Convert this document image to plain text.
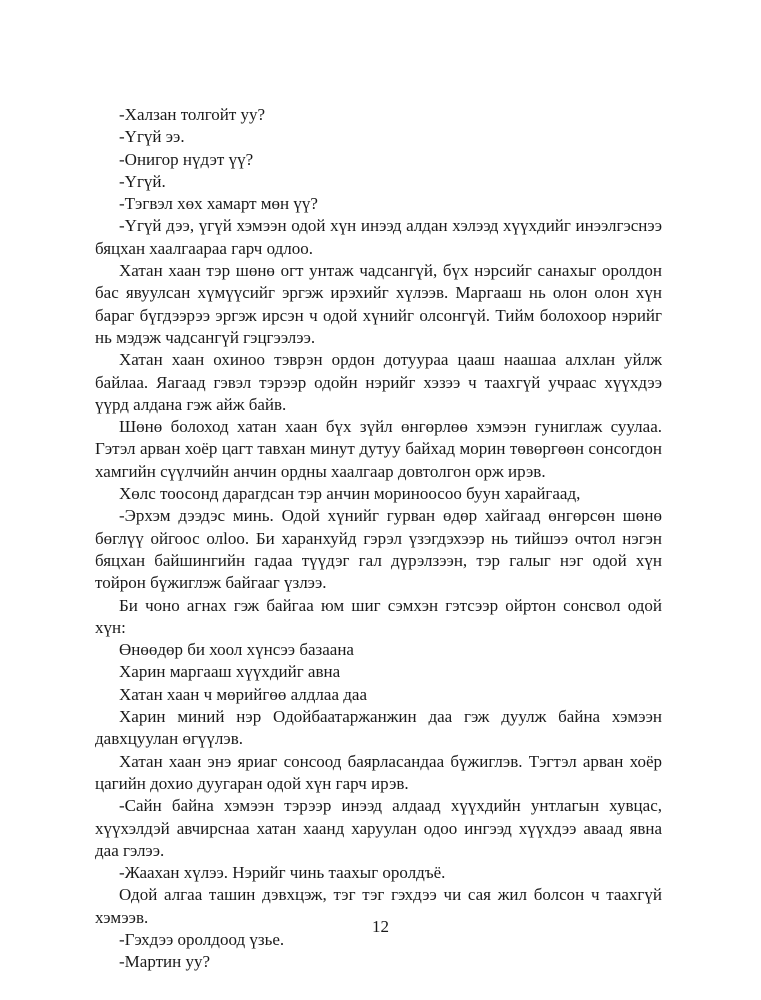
-Халзан толгойт уу?

-Үгүй ээ.

-Онигор нүдэт үү?

-Үгүй.

-Тэгвэл хөх хамарт мөн үү?

-Үгүй дээ, үгүй хэмээн одой хүн инээд алдан хэлээд хүүхдийг инээлгэснээ бяцхан хаалгаараа гарч одлоо.

Хатан хаан тэр шөнө огт унтаж чадсангүй, бүх нэрсийг санахыг оролдон бас явуулсан хүмүүсийг эргэж ирэхийг хүлээв. Маргааш нь олон олон хүн бараг бүгдээрээ эргэж ирсэн ч одой хүнийг олсонгүй. Тийм болохоор нэрийг нь мэдэж чадсангүй гэцгээлээ.

Хатан хаан охиноо тэврэн ордон дотуураа цааш наашаа алхлан уйлж байлаа. Яагаад гэвэл тэрээр одойн нэрийг хэзээ ч таахгүй учраас хүүхдээ үүрд алдана гэж айж байв.

Шөнө болоход хатан хаан бүх зүйл өнгөрлөө хэмээн гуниглаж суулаа. Гэтэл арван хоёр цагт тавхан минут дутуу байхад морин төвөргөөн сонсогдон хамгийн сүүлчийн анчин ордны хаалгаар довтолгон орж ирэв.

Хөлс тоосонд дарагдсан тэр анчин мориноосоо буун харайгаад,

-Эрхэм дээдэс минь. Одой хүнийг гурван өдөр хайгаад өнгөрсөн шөнө бөглүү ойгоос олloo. Би харанхуйд гэрэл үзэгдэхээр нь тийшээ очтол нэгэн бяцхан байшингийн гадаа түүдэг гал дүрэлзээн, тэр галыг нэг одой хүн тойрон бүжиглэж байгааг үзлээ.

Би чоно агнах гэж байгаа юм шиг сэмхэн гэтсээр ойртон сонсвол одой хүн:

Өнөөдөр би хоол хүнсээ базаана

Харин маргааш хүүхдийг авна

Хатан хаан ч мөрийгөө алдлаа даа

Харин миний нэр Одойбаатаржанжин даа гэж дуулж байна хэмээн давхцуулан өгүүлэв.

Хатан хаан энэ яриаг сонсоод баярласандаа бүжиглэв. Тэгтэл арван хоёр цагийн дохио дуугаран одой хүн гарч ирэв.

-Сайн байна хэмээн тэрээр инээд алдаад хүүхдийн унтлагын хувцас, хүүхэлдэй авчирснаа хатан хаанд харуулан одоо ингээд хүүхдээ аваад явна даа гэлээ.

-Жаахан хүлээ. Нэрийг чинь таахыг оролдъё.

Одой алгаа ташин дэвхцэж, тэг тэг гэхдээ чи сая жил болсон ч таахгүй хэмээв.

-Гэхдээ оролдоод үзье.

-Мартин уу?

12
